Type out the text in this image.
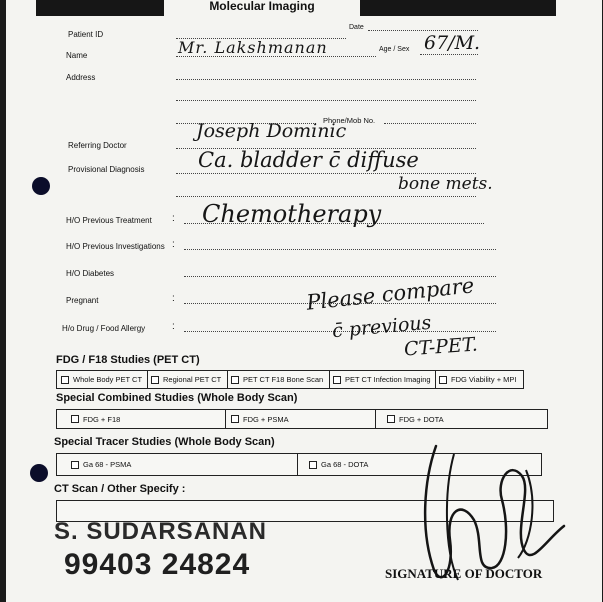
Molecular Imaging
Patient ID
Date
Name	Mr. Lakshmanan	Age / Sex 67/M.
Address
Phone/Mob No.
Referring Doctor
Joseph Dominic
Provisional Diagnosis	Ca. bladder c̄ diffuse
bone mets.
H/O Previous Treatment : Chemotherapy
H/O Previous Investigations :
H/O Diabetes
Pregnant	:
H/o Drug / Food Allergy	:
Please compare
c̄ previous
CT-PET.
FDG / F18 Studies (PET CT)
Whole Body PET CT	Regional PET CT	PET CT F18 Bone Scan	PET CT Infection Imaging	FDG Viability + MPI
Special Combined Studies (Whole Body Scan)
FDG + F18	FDG + PSMA	FDG + DOTA
Special Tracer Studies (Whole Body Scan)
Ga 68 - PSMA	Ga 68 - DOTA
CT Scan / Other Specify :
S. SUDARSANAN
99403 24824	SIGNATURE OF DOCTOR
